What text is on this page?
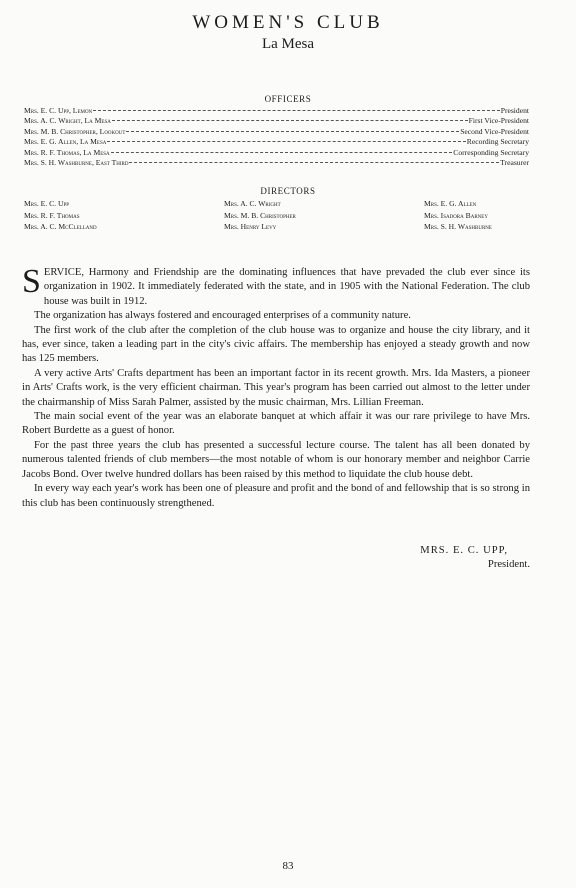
WOMEN'S CLUB
La Mesa
OFFICERS
Mrs. E. C. Upp, Lemon	President
Mrs. A. C. Wright, La Mesa	First Vice-President
Mrs. M. B. Christopher, Lookout	Second Vice-President
Mrs. E. G. Allen, La Mesa	Recording Secretary
Mrs. R. F. Thomas, La Mesa	Corresponding Secretary
Mrs. S. H. Washburne, East Third	Treasurer
DIRECTORS
Mrs. E. C. Upp	Mrs. A. C. Wright	Mrs. E. G. Allen
Mrs. R. F. Thomas	Mrs. M. B. Christopher	Mrs. Isadora Barney
Mrs. A. C. McClelland	Mrs. Henry Levy	Mrs. S. H. Washburne

SERVICE, Harmony and Friendship are the dominating influences that have prevaded the club ever since its organization in 1902. It immediately federated with the state, and in 1905 with the National Federation. The club house was built in 1912.

The organization has always fostered and encouraged enterprises of a community nature.

The first work of the club after the completion of the club house was to organize and house the city library, and it has, ever since, taken a leading part in the city's civic affairs. The membership has enjoyed a steady growth and now has 125 members.

A very active Arts' Crafts department has been an important factor in its recent growth. Mrs. Ida Masters, a pioneer in Arts' Crafts work, is the very efficient chairman. This year's program has been carried out almost to the letter under the chairmanship of Miss Sarah Palmer, assisted by the music chairman, Mrs. Lillian Freeman.

The main social event of the year was an elaborate banquet at which affair it was our rare privilege to have Mrs. Robert Burdette as a guest of honor.

For the past three years the club has presented a successful lecture course. The talent has all been donated by numerous talented friends of club members—the most notable of whom is our honorary member and neighbor Carrie Jacobs Bond. Over twelve hundred dollars has been raised by this method to liquidate the club house debt.

In every way each year's work has been one of pleasure and profit and the bond of and fellowship that is so strong in this club has been continuously strengthened.

MRS. E. C. UPP,
President.
83
